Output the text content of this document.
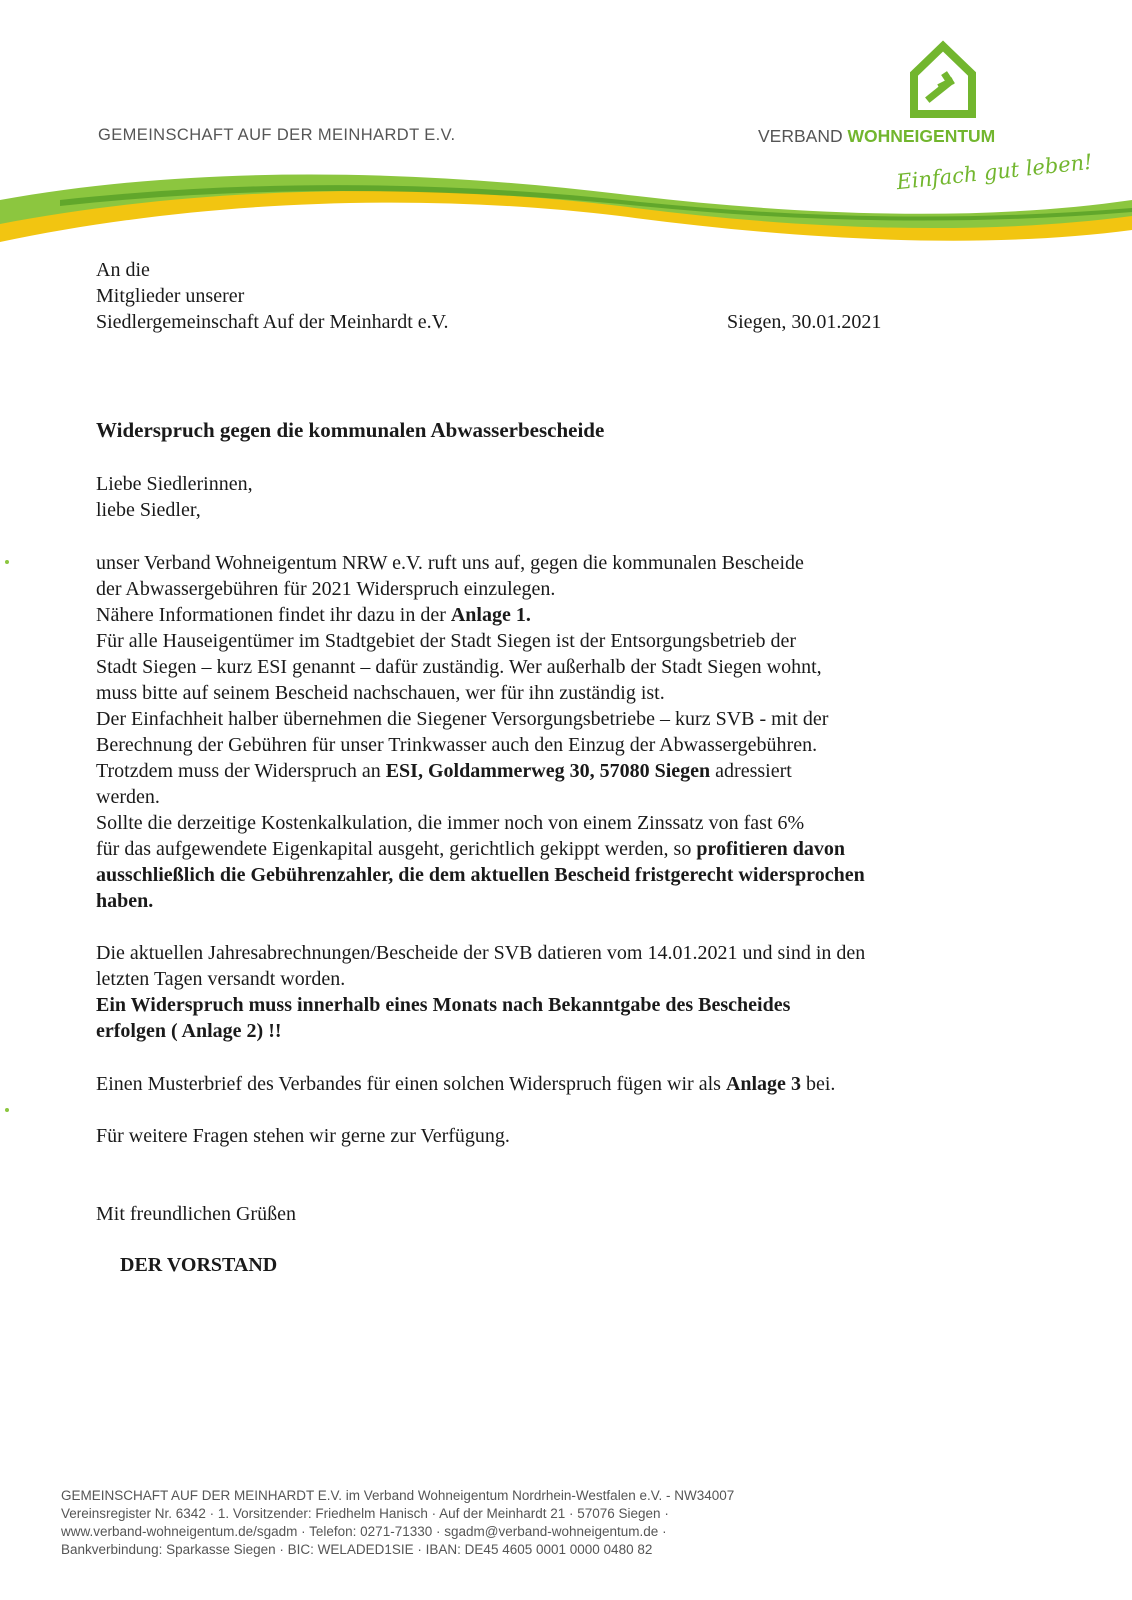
GEMEINSCHAFT AUF DER MEINHARDT E.V.	VERBAND WOHNEIGENTUM
Einfach gut leben!
An die
Mitglieder unserer
Siedlergemeinschaft Auf der Meinhardt e.V.	Siegen, 30.01.2021
Widerspruch gegen die kommunalen Abwasserbescheide
Liebe Siedlerinnen,
liebe Siedler,
unser Verband Wohneigentum NRW e.V. ruft uns auf, gegen die kommunalen Bescheide
der Abwassergebühren für 2021 Widerspruch einzulegen.
Nähere Informationen findet ihr dazu in der Anlage 1.
Für alle Hauseigentümer im Stadtgebiet der Stadt Siegen ist der Entsorgungsbetrieb der
Stadt Siegen – kurz ESI genannt – dafür zuständig. Wer außerhalb der Stadt Siegen wohnt,
muss bitte auf seinem Bescheid nachschauen, wer für ihn zuständig ist.
Der Einfachheit halber übernehmen die Siegener Versorgungsbetriebe – kurz SVB - mit der
Berechnung der Gebühren für unser Trinkwasser auch den Einzug der Abwassergebühren.
Trotzdem muss der Widerspruch an ESI, Goldammerweg 30, 57080 Siegen adressiert
werden.
Sollte die derzeitige Kostenkalkulation, die immer noch von einem Zinssatz von fast 6%
für das aufgewendete Eigenkapital ausgeht, gerichtlich gekippt werden, so profitieren davon
ausschließlich die Gebührenzahler, die dem aktuellen Bescheid fristgerecht widersprochen
haben.
Die aktuellen Jahresabrechnungen/Bescheide der SVB datieren vom 14.01.2021 und sind in den
letzten Tagen versandt worden.
Ein Widerspruch muss innerhalb eines Monats nach Bekanntgabe des Bescheides
erfolgen ( Anlage 2) !!
Einen Musterbrief des Verbandes für einen solchen Widerspruch fügen wir als Anlage 3 bei.
Für weitere Fragen stehen wir gerne zur Verfügung.
Mit freundlichen Grüßen
DER VORSTAND
GEMEINSCHAFT AUF DER MEINHARDT E.V. im Verband Wohneigentum Nordrhein-Westfalen e.V. - NW34007
Vereinsregister Nr. 6342 · 1. Vorsitzender: Friedhelm Hanisch · Auf der Meinhardt 21 · 57076 Siegen ·
www.verband-wohneigentum.de/sgadm · Telefon: 0271-71330 · sgadm@verband-wohneigentum.de ·
Bankverbindung: Sparkasse Siegen · BIC: WELADED1SIE · IBAN: DE45 4605 0001 0000 0480 82
